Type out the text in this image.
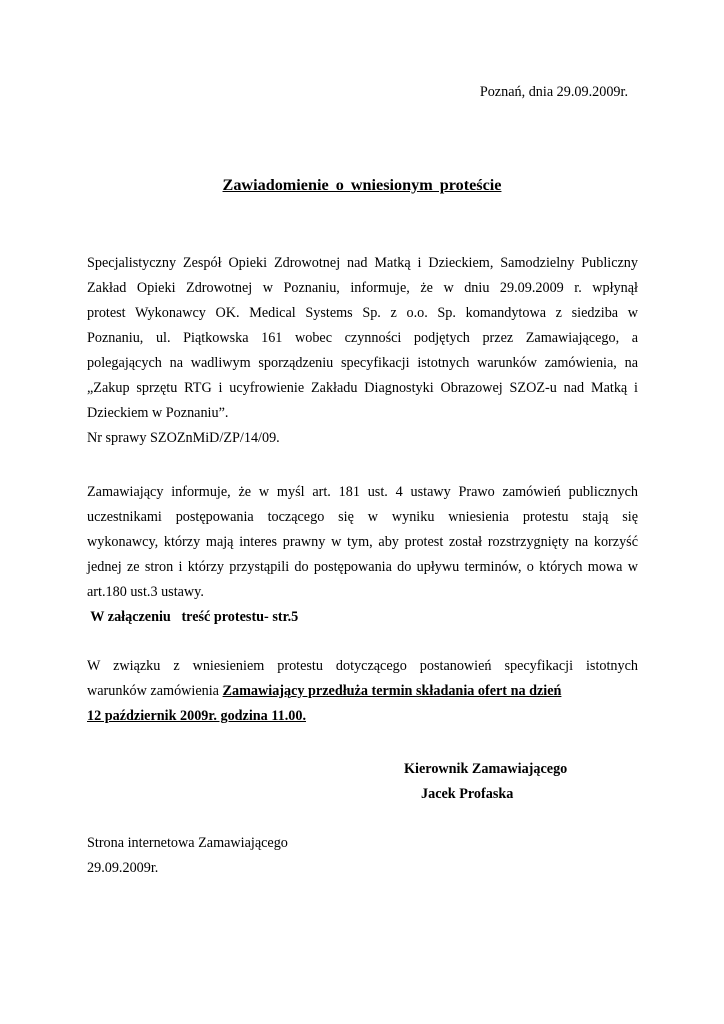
Poznań, dnia 29.09.2009r.
Zawiadomienie o wniesionym proteście
Specjalistyczny Zespół Opieki Zdrowotnej nad Matką i Dzieckiem, Samodzielny Publiczny
Zakład Opieki Zdrowotnej w Poznaniu, informuje, że w dniu 29.09.2009 r. wpłynął
protest Wykonawcy OK. Medical Systems Sp. z o.o. Sp. komandytowa z siedziba w
Poznaniu, ul. Piątkowska 161 wobec czynności podjętych przez Zamawiającego, a
polegających na wadliwym sporządzeniu specyfikacji istotnych warunków zamówienia, na
„Zakup sprzętu RTG i ucyfrowienie Zakładu Diagnostyki Obrazowej SZOZ-u nad Matką i
Dzieckiem w Poznaniu”.
Nr sprawy SZOZnMiD/ZP/14/09.
Zamawiający informuje, że w myśl art. 181 ust. 4 ustawy Prawo zamówień publicznych
uczestnikami postępowania toczącego się w wyniku wniesienia protestu stają się
wykonawcy, którzy mają interes prawny w tym, aby protest został rozstrzygnięty na korzyść
jednej ze stron i którzy przystąpili do postępowania do upływu terminów, o których mowa w
art.180 ust.3 ustawy.
W załączeniu   treść protestu- str.5
W związku z wniesieniem protestu dotyczącego postanowień specyfikacji istotnych
warunków zamówienia Zamawiający przedłuża termin składania ofert na dzień
12 październik 2009r. godzina 11.00.
Kierownik Zamawiającego
Jacek Profaska
Strona internetowa Zamawiającego
29.09.2009r.
